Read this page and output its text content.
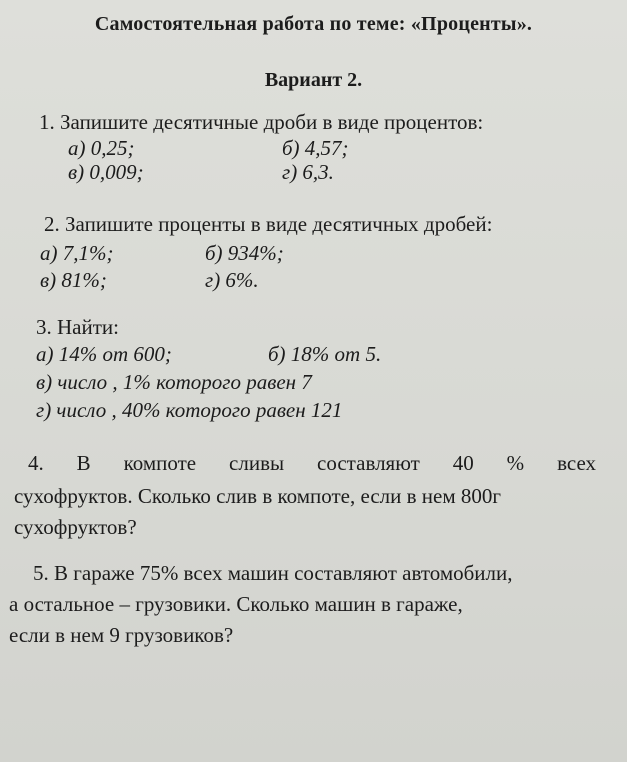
Самостоятельная работа по теме: «Проценты».
Вариант 2.
1. Запишите десятичные дроби в виде процентов:
а) 0,25;	б) 4,57;
в) 0,009;	г) 6,3.
2. Запишите проценты в виде десятичных дробей:
а) 7,1%;	б) 934%;
в) 81%;	г) 6%.
3. Найти:
а) 14% от 600;	б) 18% от 5.
в) число , 1% которого равен 7
г) число , 40% которого равен 121
4. В компоте сливы составляют 40 % всех
сухофруктов. Сколько слив в компоте, если в нем 800г
сухофруктов?
5. В гараже 75% всех машин составляют автомобили,
а остальное – грузовики. Сколько машин в гараже,
если в нем 9 грузовиков?
